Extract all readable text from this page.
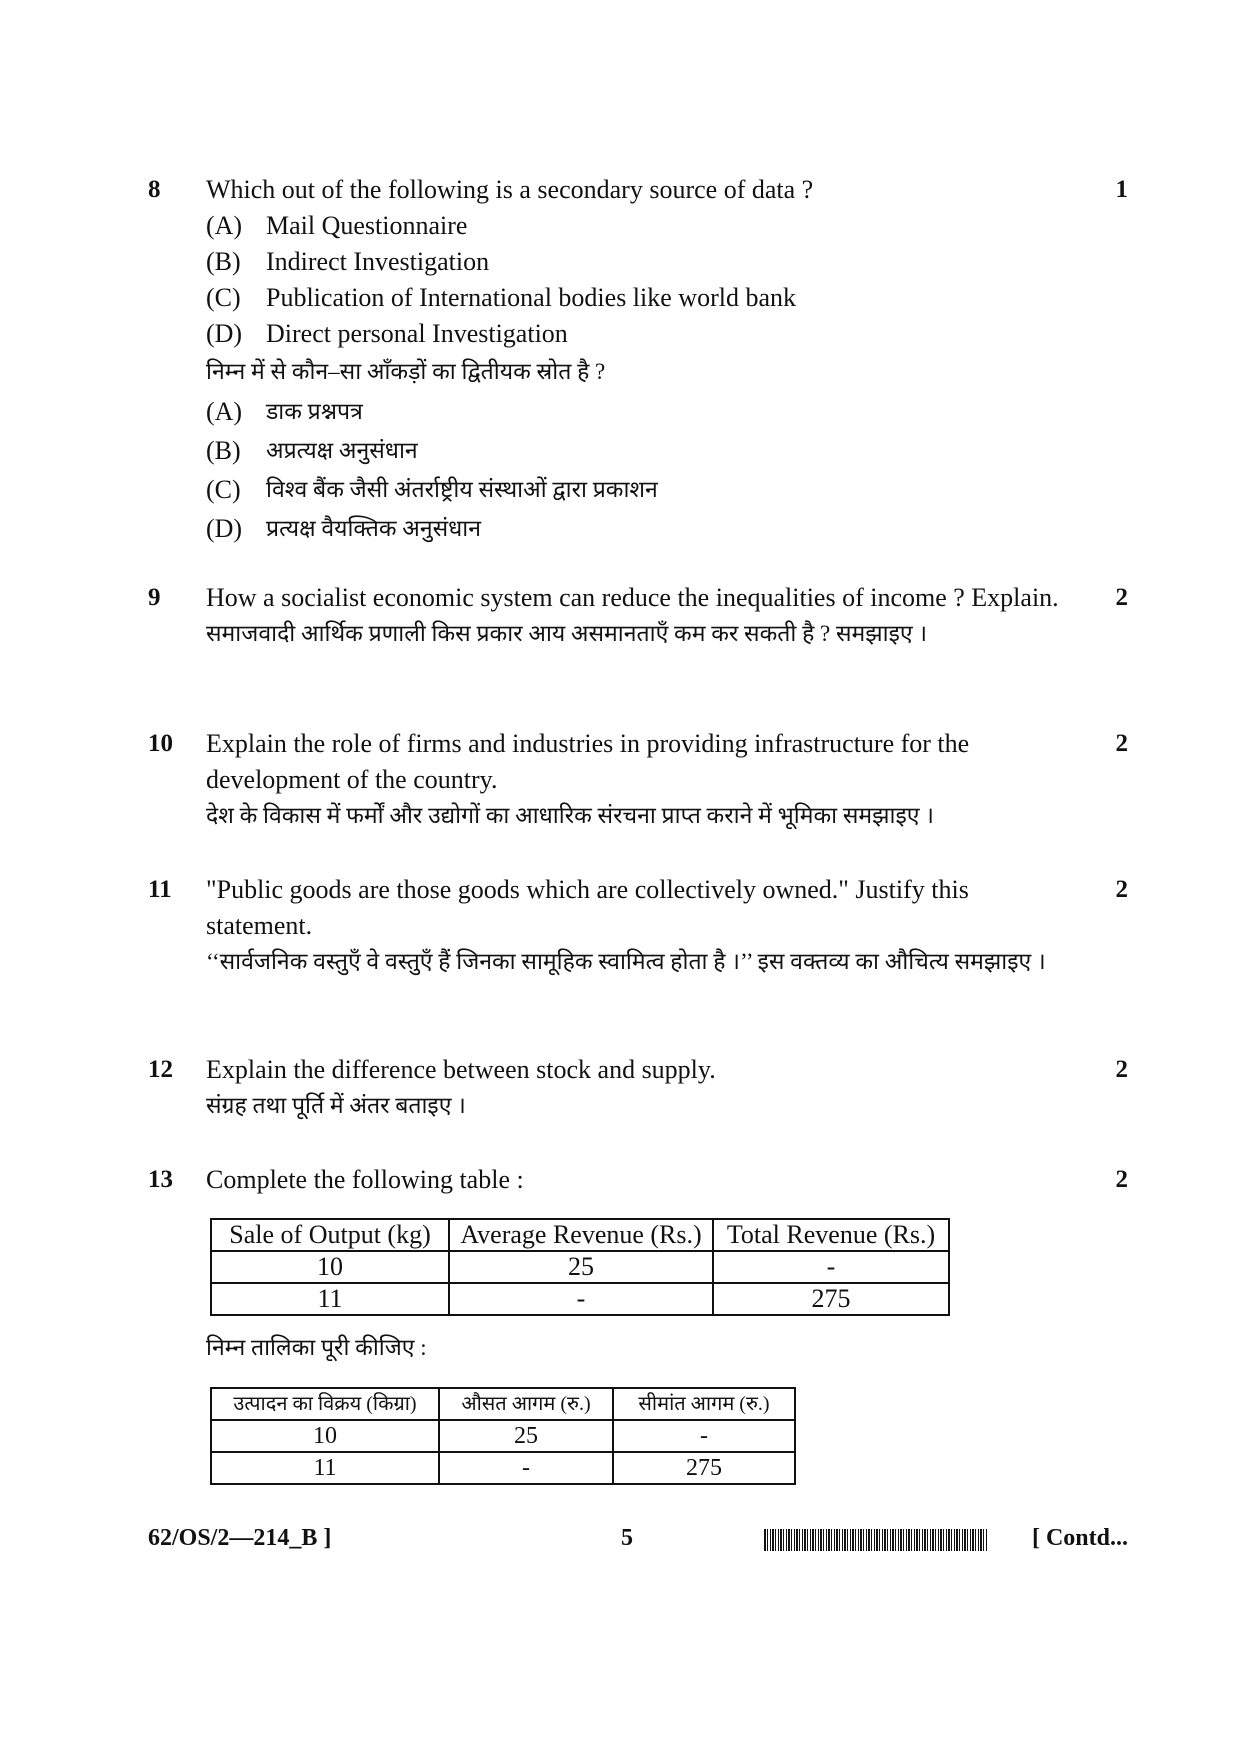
8	1
Which out of the following is a secondary source of data ?
(A) Mail Questionnaire
(B) Indirect Investigation
(C) Publication of International bodies like world bank
(D) Direct personal Investigation
निम्न में से कौन–सा आँकड़ों का द्वितीयक स्रोत है ?
(A)	डाक प्रश्नपत्र
(B)	अप्रत्यक्ष अनुसंधान
(C)	विश्व बैंक जैसी अंतर्राष्ट्रीय संस्थाओं द्वारा प्रकाशन
(D)	प्रत्यक्ष वैयक्तिक अनुसंधान
9	2
How a socialist economic system can reduce the inequalities of income ? Explain.
समाजवादी आर्थिक प्रणाली किस प्रकार आय असमानताएँ कम कर सकती है ? समझाइए ।
10	2
Explain the role of firms and industries in providing infrastructure for the development of the country.
देश के विकास में फर्मों और उद्योगों का आधारिक संरचना प्राप्त कराने में भूमिका समझाइए ।
11	2
"Public goods are those goods which are collectively owned." Justify this statement.
‘‘सार्वजनिक वस्तुएँ वे वस्तुएँ हैं जिनका सामूहिक स्वामित्व होता है ।’’ इस वक्तव्य का औचित्य समझाइए ।
12	2
Explain the difference between stock and supply.
संग्रह तथा पूर्ति में अंतर बताइए ।
13	2
Complete the following table :
Sale of Output (kg)	Average Revenue (Rs.)	Total Revenue (Rs.)
10	25	-
11	-	275
निम्न तालिका पूरी कीजिए :
उत्पादन का विक्रय (किग्रा)	औसत आगम (रु.)	सीमांत आगम (रु.)
10	25	-
11	-	275
62/OS/2—214_B ]	5	[ Contd...
